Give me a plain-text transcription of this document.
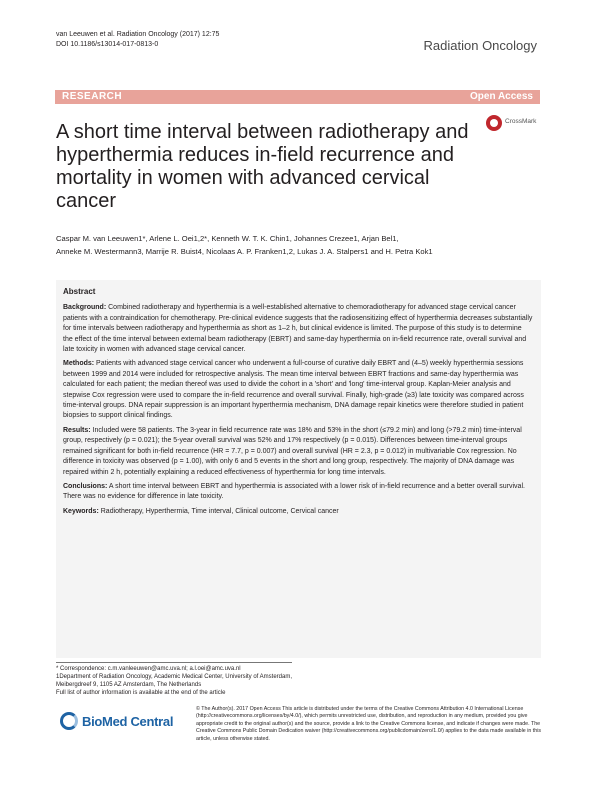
van Leeuwen et al. Radiation Oncology (2017) 12:75
DOI 10.1186/s13014-017-0813-0	Radiation Oncology
RESEARCH	Open Access
A short time interval between radiotherapy and hyperthermia reduces in-field recurrence and mortality in women with advanced cervical cancer
CrossMark
Caspar M. van Leeuwen1*, Arlene L. Oei1,2*, Kenneth W. T. K. Chin1, Johannes Crezee1, Arjan Bel1,
Anneke M. Westermann3, Marrije R. Buist4, Nicolaas A. P. Franken1,2, Lukas J. A. Stalpers1 and H. Petra Kok1
Abstract

Background: Combined radiotherapy and hyperthermia is a well-established alternative to chemoradiotherapy for advanced stage cervical cancer patients with a contraindication for chemotherapy. Pre-clinical evidence suggests that the radiosensitizing effect of hyperthermia decreases substantially for time intervals between radiotherapy and hyperthermia as short as 1–2 h, but clinical evidence is limited. The purpose of this study is to determine the effect of the time interval between external beam radiotherapy (EBRT) and same-day hyperthermia on in-field recurrence rate, overall survival and late toxicity in women with advanced stage cervical cancer.

Methods: Patients with advanced stage cervical cancer who underwent a full-course of curative daily EBRT and (4–5) weekly hyperthermia sessions between 1999 and 2014 were included for retrospective analysis. The mean time interval between EBRT fractions and same-day hyperthermia was calculated for each patient; the median thereof was used to divide the cohort in a 'short' and 'long' time-interval group. Kaplan-Meier analysis and stepwise Cox regression were used to compare the in-field recurrence and overall survival. Finally, high-grade (≥3) late toxicity was compared across time-interval groups. DNA repair suppression is an important hyperthermia mechanism, DNA damage repair kinetics were therefore studied in patient biopsies to support clinical findings.

Results: Included were 58 patients. The 3-year in field recurrence rate was 18% and 53% in the short (≤79.2 min) and long (>79.2 min) time-interval group, respectively (p = 0.021); the 5-year overall survival was 52% and 17% respectively (p = 0.015). Differences between time-interval groups remained significant for both in-field recurrence (HR = 7.7, p = 0.007) and overall survival (HR = 2.3, p = 0.012) in multivariable Cox regression. No difference in toxicity was observed (p = 1.00), with only 6 and 5 events in the short and long group, respectively. The majority of DNA damage was repaired within 2 h, potentially explaining a reduced effectiveness of hyperthermia for long time intervals.

Conclusions: A short time interval between EBRT and hyperthermia is associated with a lower risk of in-field recurrence and a better overall survival. There was no evidence for difference in late toxicity.

Keywords: Radiotherapy, Hyperthermia, Time interval, Clinical outcome, Cervical cancer

* Correspondence: c.m.vanleeuwen@amc.uva.nl; a.l.oei@amc.uva.nl
1Department of Radiation Oncology, Academic Medical Center, University of Amsterdam, Meibergdreef 9, 1105 AZ Amsterdam, The Netherlands
Full list of author information is available at the end of the article
BioMed Central
© The Author(s). 2017 Open Access This article is distributed under the terms of the Creative Commons Attribution 4.0 International License (http://creativecommons.org/licenses/by/4.0/), which permits unrestricted use, distribution, and reproduction in any medium, provided you give appropriate credit to the original author(s) and the source, provide a link to the Creative Commons license, and indicate if changes were made. The Creative Commons Public Domain Dedication waiver (http://creativecommons.org/publicdomain/zero/1.0/) applies to the data made available in this article, unless otherwise stated.
